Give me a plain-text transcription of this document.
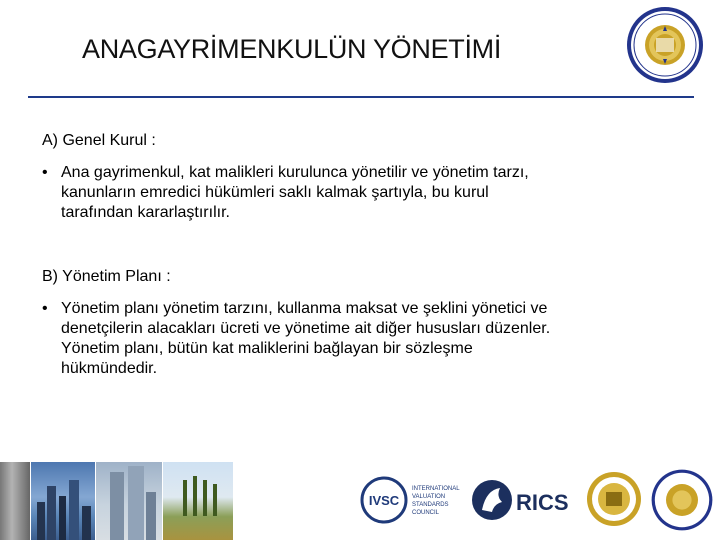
ANAGAYRİMENKULÜN YÖNETİMİ
A) Genel Kurul :
• Ana gayrimenkul, kat malikleri kurulunca yönetilir ve yönetim tarzı,
kanunların emredici hükümleri saklı kalmak şartıyla, bu kurul
tarafından kararlaştırılır.
B) Yönetim Planı :
• Yönetim planı yönetim tarzını, kullanma maksat ve şeklini yönetici ve
denetçilerin alacakları ücreti ve yönetime ait diğer hususları düzenler.
Yönetim planı, bütün kat maliklerini bağlayan bir sözleşme
hükmündedir.
IVSC
INTERNATIONAL
VALUATION
STANDARDS
COUNCIL	RICS
